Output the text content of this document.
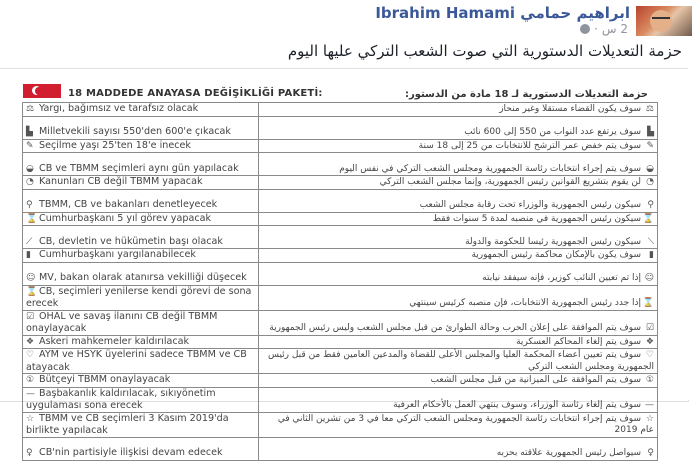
ابراهيم حمامي Ibrahim Hamami
2 س
·
حزمة التعديلات الدستورية التي صوت الشعب التركي عليها اليوم
18 MADDEDE ANAYASA DEĞİŞİKLİĞİ PAKETİ:	حزمة التعديلات الدستورية لـ 18 مادة من الدستور:
⚖ Yargı, bağımsız ve tarafsız olacak	⚖سوف يكون القضاء مستقلا وغير منحاز
▙ Milletvekili sayısı 550'den 600'e çıkacak	▙سوف يرتفع عدد النواب من 550 إلى 600 نائب
✎ Seçilme yaşı 25'ten 18'e inecek	✎سوف يتم خفض عمر الترشح للانتخابات من 25 إلى 18 سنة
◒ CB ve TBMM seçimleri aynı gün yapılacak	◒سوف يتم إجراء انتخابات رئاسة الجمهورية ومجلس الشعب التركي في نفس اليوم
◔ Kanunları CB değil TBMM yapacak	◔لن يقوم بتشريع القوانين رئيس الجمهورية، وإنما مجلس الشعب التركي
⚲ TBMM, CB ve bakanları denetleyecek	⚲سيكون رئيس الجمهورية والوزراء تحت رقابة مجلس الشعب
⌛ Cumhurbaşkanı 5 yıl görev yapacak	⌛سيكون رئيس الجمهورية في منصبه لمدة 5 سنوات فقط
⟋ CB, devletin ve hükümetin başı olacak	⟋سيكون رئيس الجمهورية رئيسا للحكومة والدولة
▮ Cumhurbaşkanı yargılanabilecek	▮سوف يكون بالإمكان محاكمة رئيس الجمهورية
☺ MV, bakan olarak atanırsa vekilliği düşecek	☺إذا تم تعيين النائب كوزير، فإنه سيفقد نيابته
⌛ CB, seçimleri yenilerse kendi görevi de sona erecek	⌛إذا جدد رئيس الجمهورية الانتخابات، فإن منصبه كرئيس سينتهي
☑ OHAL ve savaş ilanını CB değil TBMM onaylayacak	☑سوف يتم الموافقة على إعلان الحرب وحالة الطوارئ من قبل مجلس الشعب وليس رئيس الجمهورية
❖ Askeri mahkemeler kaldırılacak	❖سوف يتم إلغاء المحاكم العسكرية
♡ AYM ve HSYK üyelerini sadece TBMM ve CB atayacak	♡سوف يتم تعيين أعضاء المحكمة العليا والمجلس الأعلى للقضاة والمدعين العامين فقط من قبل رئيس الجمهورية ومجلس الشعب التركي
① Bütçeyi TBMM onaylayacak	①سوف يتم الموافقة على الميزانية من قبل مجلس الشعب
— Başbakanlık kaldırılacak, sıkıyönetim uygulaması sona erecek	—سوف يتم إلغاء رئاسة الوزراء، وسوف ينتهي العمل بالأحكام العرفية
☆ TBMM ve CB seçimleri 3 Kasım 2019'da birlikte yapılacak	☆سوف يتم إجراء انتخابات رئاسة الجمهورية ومجلس الشعب التركي معا في 3 من تشرين الثاني في عام 2019
♀ CB'nin partisiyle ilişkisi devam edecek	♀سيواصل رئيس الجمهورية علاقته بحزبه
